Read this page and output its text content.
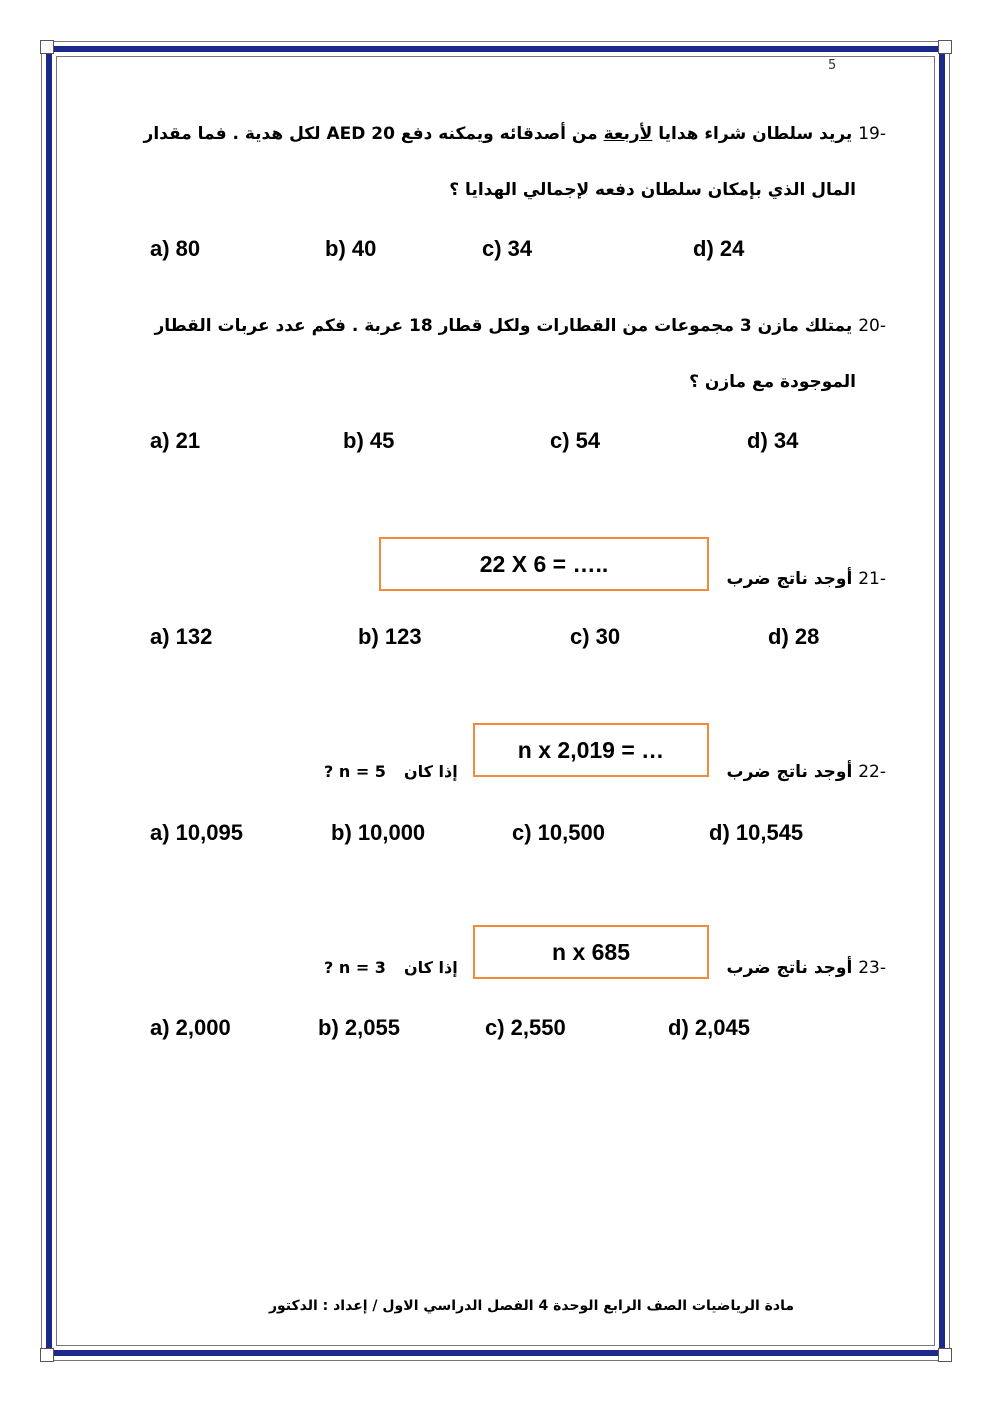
5
-19 يريد سلطان شراء هدايا لأربعة من أصدقائه ويمكنه دفع 20 AED لكل هدية . فما مقدار
المال الذي بإمكان سلطان دفعه لإجمالي الهدايا ؟
a) 80	b) 40	c) 34	d) 24
-20 يمتلك مازن 3 مجموعات من القطارات ولكل قطار 18 عربة . فكم عدد عربات القطار
الموجودة مع مازن ؟
a) 21	b) 45	c) 54	d) 34
22 X 6 = …..
-21 أوجد ناتج ضرب
a) 132	b) 123	c) 30	d) 28
n x 2,019 = …
-22 أوجد ناتج ضرب
إذا كان
? n = 5
a) 10,095	b) 10,000	c) 10,500	d) 10,545
n x 685
-23 أوجد ناتج ضرب
إذا كان
? n = 3
a) 2,000	b) 2,055	c) 2,550	d) 2,045
مادة الرياضيات الصف الرابع الوحدة 4 الفصل الدراسي الاول / إعداد : الدكتور
